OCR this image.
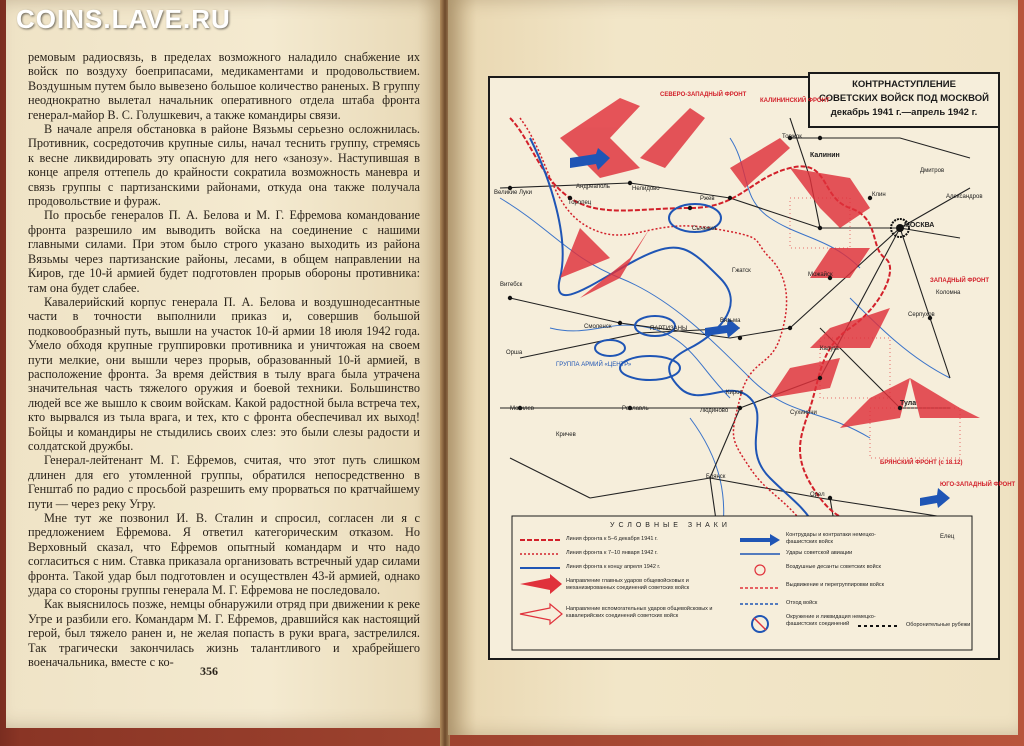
COINS.LAVE.RU

ремовым радиосвязь, в пределах возможного наладило снабжение их войск по воздуху боеприпасами, медикаментами и продовольствием. Воздушным путем было вывезено большое количество раненых. В группу неоднократно вылетал начальник оперативного отдела штаба фронта генерал-майор В. С. Голушкевич, а также командиры связи.

В начале апреля обстановка в районе Вязьмы серьезно осложнилась. Противник, сосредоточив крупные силы, начал теснить группу, стремясь к весне ликвидировать эту опасную для него «занозу». Наступившая в конце апреля оттепель до крайности сократила возможность маневра и связь группы с партизанскими районами, откуда она также получала продовольствие и фураж.

По просьбе генералов П. А. Белова и М. Г. Ефремова командование фронта разрешило им выводить войска на соединение с нашими главными силами. При этом было строго указано выходить из района Вязьмы через партизанские районы, лесами, в общем направлении на Киров, где 10-й армией будет подготовлен прорыв обороны противника: там она будет слабее.

Кавалерийский корпус генерала П. А. Белова и воздушнодесантные части в точности выполнили приказ и, совершив большой подковообразный путь, вышли на участок 10-й армии 18 июля 1942 года. Умело обходя крупные группировки противника и уничтожая на своем пути мелкие, они вышли через прорыв, образованный 10-й армией, в расположение фронта. За время действия в тылу врага была утрачена значительная часть тяжелого оружия и боевой техники. Большинство людей все же вышло к своим войскам. Какой радостной была встреча тех, кто вырвался из тыла врага, и тех, кто с фронта обеспечивал их выход! Бойцы и командиры не стыдились своих слез: это были слезы радости и солдатской дружбы.

Генерал-лейтенант М. Г. Ефремов, считая, что этот путь слишком длинен для его утомленной группы, обратился непосредственно в Генштаб по радио с просьбой разрешить ему прорваться по кратчайшему пути — через реку Угру.

Мне тут же позвонил И. В. Сталин и спросил, согласен ли я с предложением Ефремова. Я ответил категорическим отказом. Но Верховный сказал, что Ефремов опытный командарм и что надо согласиться с ним. Ставка приказала организовать встречный удар силами фронта. Такой удар был подготовлен и осуществлен 43-й армией, однако удара со стороны группы генерала М. Г. Ефремова не последовало.

Как выяснилось позже, немцы обнаружили отряд при движении к реке Угре и разбили его. Командарм М. Г. Ефремов, дравшийся как настоящий герой, был тяжело ранен и, не желая попасть в руки врага, застрелился. Так трагически закончилась жизнь талантливого и храбрейшего военачальника, вместе с ко-

356
КОНТРНАСТУПЛЕНИЕ
СОВЕТСКИХ ВОЙСК ПОД МОСКВОЙ
декабрь 1941 г.—апрель 1942 г.
Торжок
Калинин
Ржев
Андреаполь
Торопец
Великие Луки
Нелидово
Сычевка
Клин
Дмитров
Александров
МОСКВА
Можайск
Гжатск
Вязьма
Серпухов
Коломна
Калуга
Тула
Витебск
Смоленск
Орша
Рославль
Могилев
Кричев
Киров
Людиново	Сухиничи
Брянск
Орел
Елец
СЕВЕРО-ЗАПАДНЫЙ ФРОНТ
КАЛИНИНСКИЙ ФРОНТ
ЗАПАДНЫЙ ФРОНТ
БРЯНСКИЙ ФРОНТ (с 18.12)
ЮГО-ЗАПАДНЫЙ ФРОНТ
ГРУППА АРМИЙ «ЦЕНТР»
ПАРТИЗАНЫ
УСЛОВНЫЕ ЗНАКИ
Линия фронта к 5–6 декабря 1941 г.
Линия фронта к 7–10 января 1942 г.
Линия фронта к концу апреля 1942 г.
Направление главных ударов общевойсковых и механизированных соединений советских войск
Направление вспомогательных ударов общевойсковых и кавалерийских соединений советских войск
Контрудары и контратаки немецко-фашистских войск
Удары советской авиации
Воздушные десанты советских войск
Выдвижение и перегруппировки войск
Отход войск
Окружение и ликвидация немецко-фашистских соединений	Оборонительные рубежи
